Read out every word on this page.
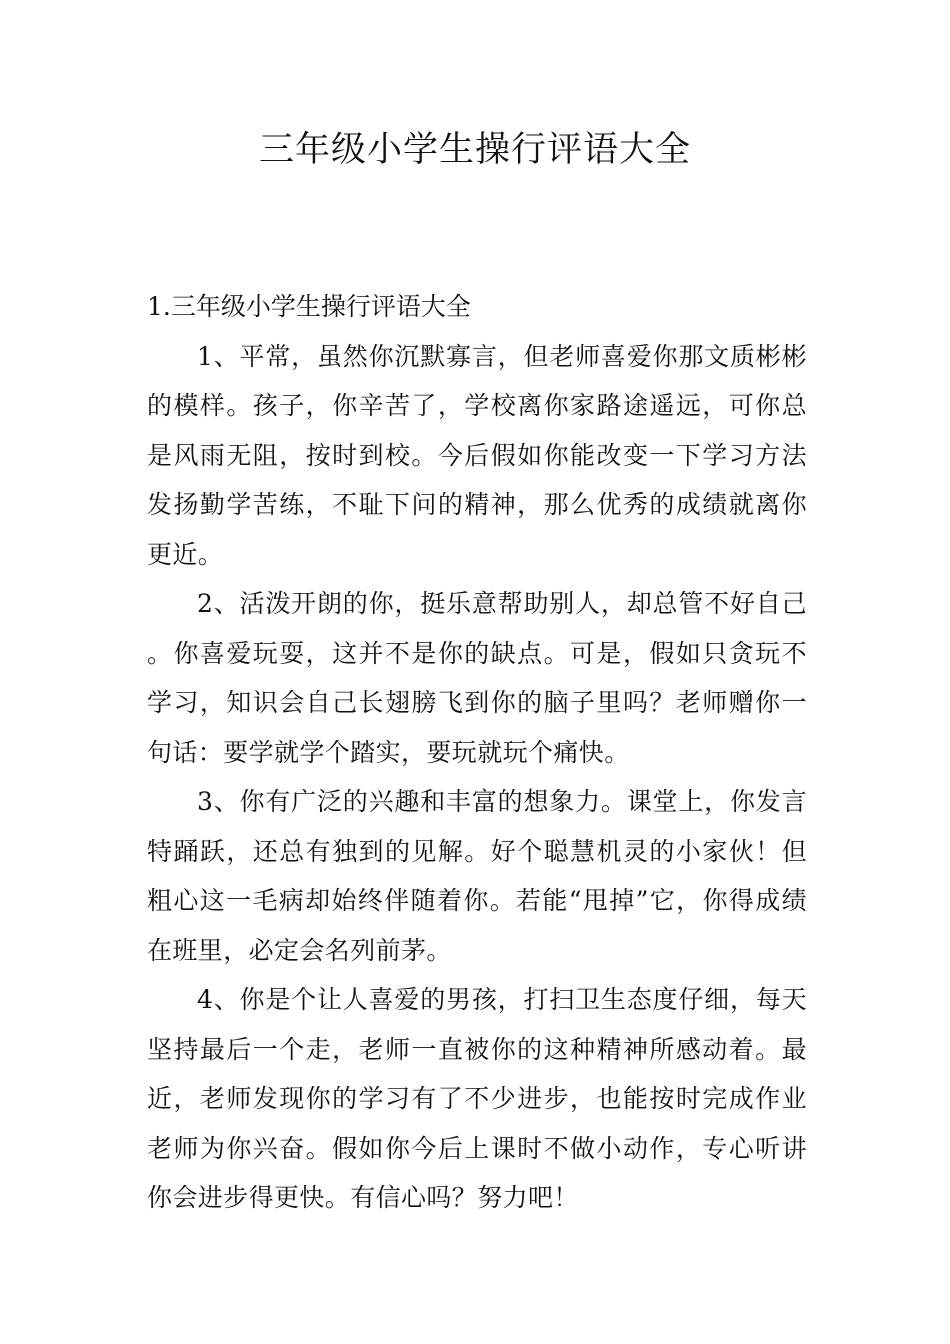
三年级小学生操行评语大全

1.三年级小学生操行评语大全

1、平常，虽然你沉默寡言，但老师喜爱你那文质彬彬的模样。孩子，你辛苦了，学校离你家路途遥远，可你总是风雨无阻，按时到校。今后假如你能改变一下学习方法发扬勤学苦练，不耻下问的精神，那么优秀的成绩就离你更近。

2、活泼开朗的你，挺乐意帮助别人，却总管不好自己。你喜爱玩耍，这并不是你的缺点。可是，假如只贪玩不学习，知识会自己长翅膀飞到你的脑子里吗？老师赠你一句话：要学就学个踏实，要玩就玩个痛快。

3、你有广泛的兴趣和丰富的想象力。课堂上，你发言特踊跃，还总有独到的见解。好个聪慧机灵的小家伙！但粗心这一毛病却始终伴随着你。若能“甩掉”它，你得成绩在班里，必定会名列前茅。

4、你是个让人喜爱的男孩，打扫卫生态度仔细，每天坚持最后一个走，老师一直被你的这种精神所感动着。最近，老师发现你的学习有了不少进步，也能按时完成作业老师为你兴奋。假如你今后上课时不做小动作，专心听讲你会进步得更快。有信心吗？努力吧！
